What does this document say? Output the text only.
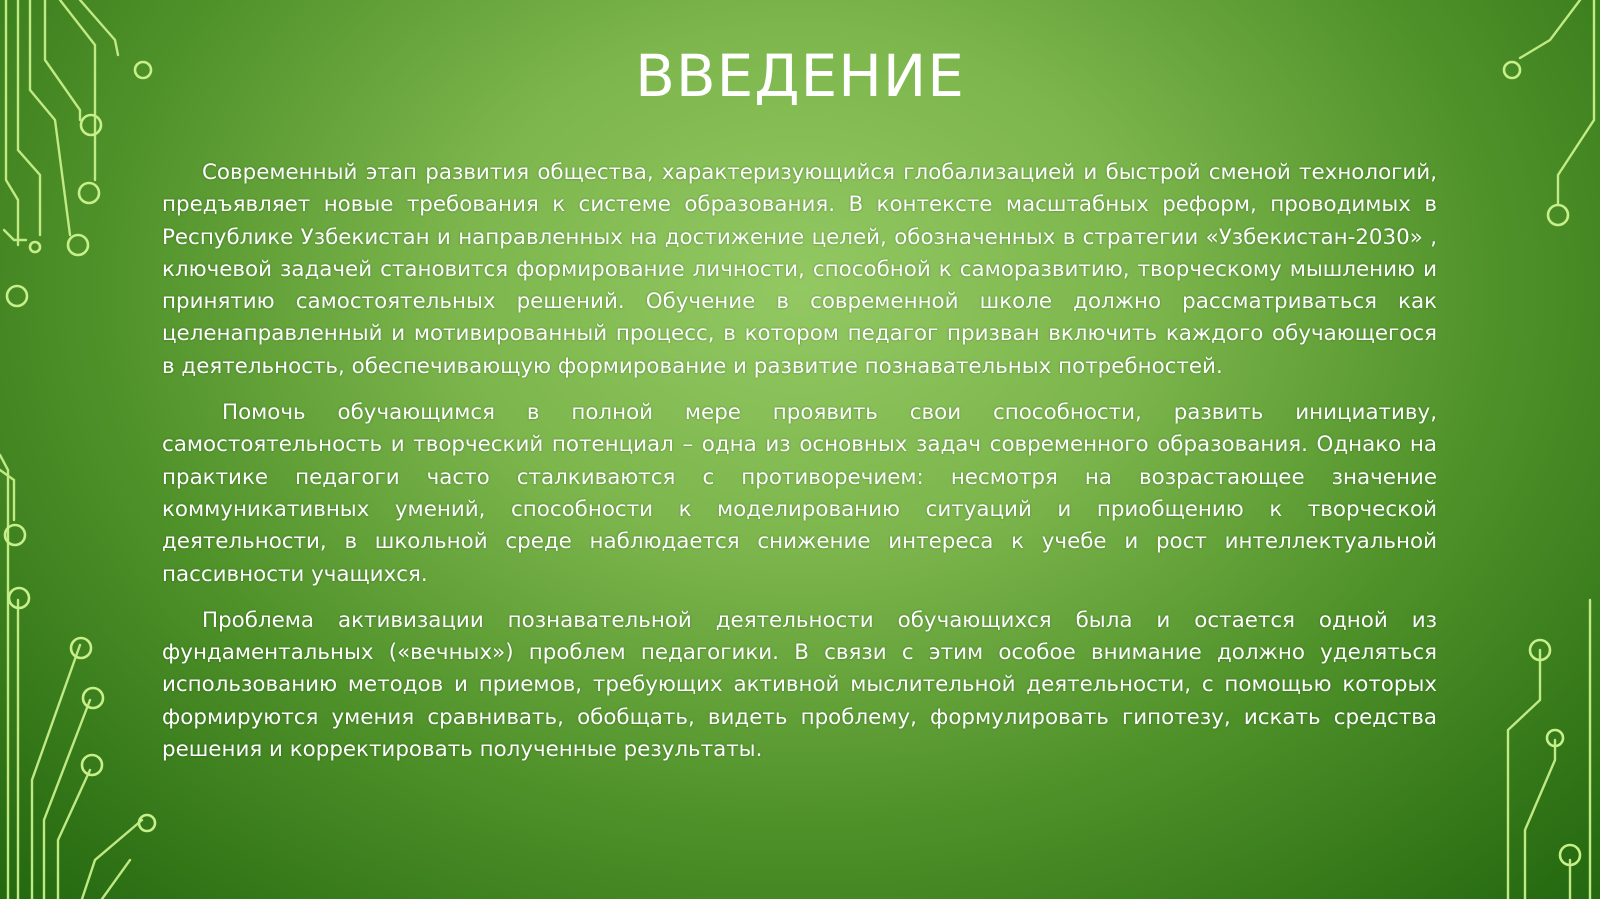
ВВЕДЕНИЕ

Современный этап развития общества, характеризующийся глобализацией и быстрой сменой технологий, предъявляет новые требования к системе образования. В контексте масштабных реформ, проводимых в Республике Узбекистан и направленных на достижение целей, обозначенных в стратегии «Узбекистан-2030» , ключевой задачей становится формирование личности, способной к саморазвитию, творческому мышлению и принятию самостоятельных решений. Обучение в современной школе должно рассматриваться как целенаправленный и мотивированный процесс, в котором педагог призван включить каждого обучающегося в деятельность, обеспечивающую формирование и развитие познавательных потребностей.

Помочь обучающимся в полной мере проявить свои способности, развить инициативу, самостоятельность и творческий потенциал – одна из основных задач современного образования. Однако на практике педагоги часто сталкиваются с противоречием: несмотря на возрастающее значение коммуникативных умений, способности к моделированию ситуаций и приобщению к творческой деятельности, в школьной среде наблюдается снижение интереса к учебе и рост интеллектуальной пассивности учащихся.

Проблема активизации познавательной деятельности обучающихся была и остается одной из фундаментальных («вечных») проблем педагогики. В связи с этим особое внимание должно уделяться использованию методов и приемов, требующих активной мыслительной деятельности, с помощью которых формируются умения сравнивать, обобщать, видеть проблему, формулировать гипотезу, искать средства решения и корректировать полученные результаты.
